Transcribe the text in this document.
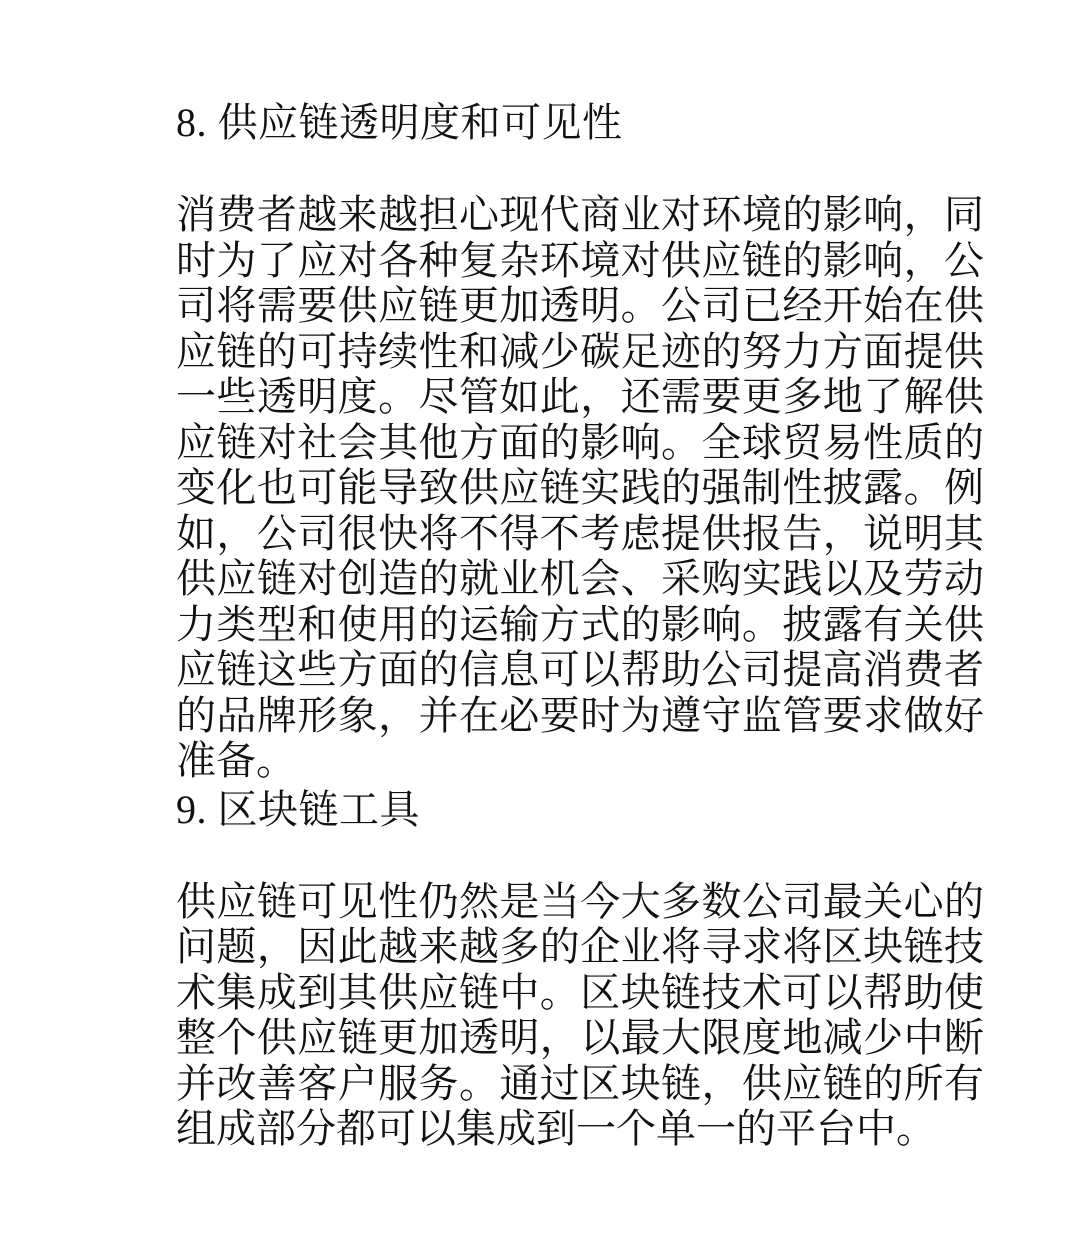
8. 供应链透明度和可见性

消费者越来越担心现代商业对环境的影响，同时为了应对各种复杂环境对供应链的影响，公司将需要供应链更加透明。公司已经开始在供应链的可持续性和减少碳足迹的努力方面提供一些透明度。尽管如此，还需要更多地了解供应链对社会其他方面的影响。全球贸易性质的变化也可能导致供应链实践的强制性披露。例如，公司很快将不得不考虑提供报告，说明其供应链对创造的就业机会、采购实践以及劳动力类型和使用的运输方式的影响。披露有关供应链这些方面的信息可以帮助公司提高消费者的品牌形象，并在必要时为遵守监管要求做好准备。

9. 区块链工具

供应链可见性仍然是当今大多数公司最关心的问题，因此越来越多的企业将寻求将区块链技术集成到其供应链中。区块链技术可以帮助使整个供应链更加透明，以最大限度地减少中断并改善客户服务。通过区块链，供应链的所有组成部分都可以集成到一个单一的平台中。
